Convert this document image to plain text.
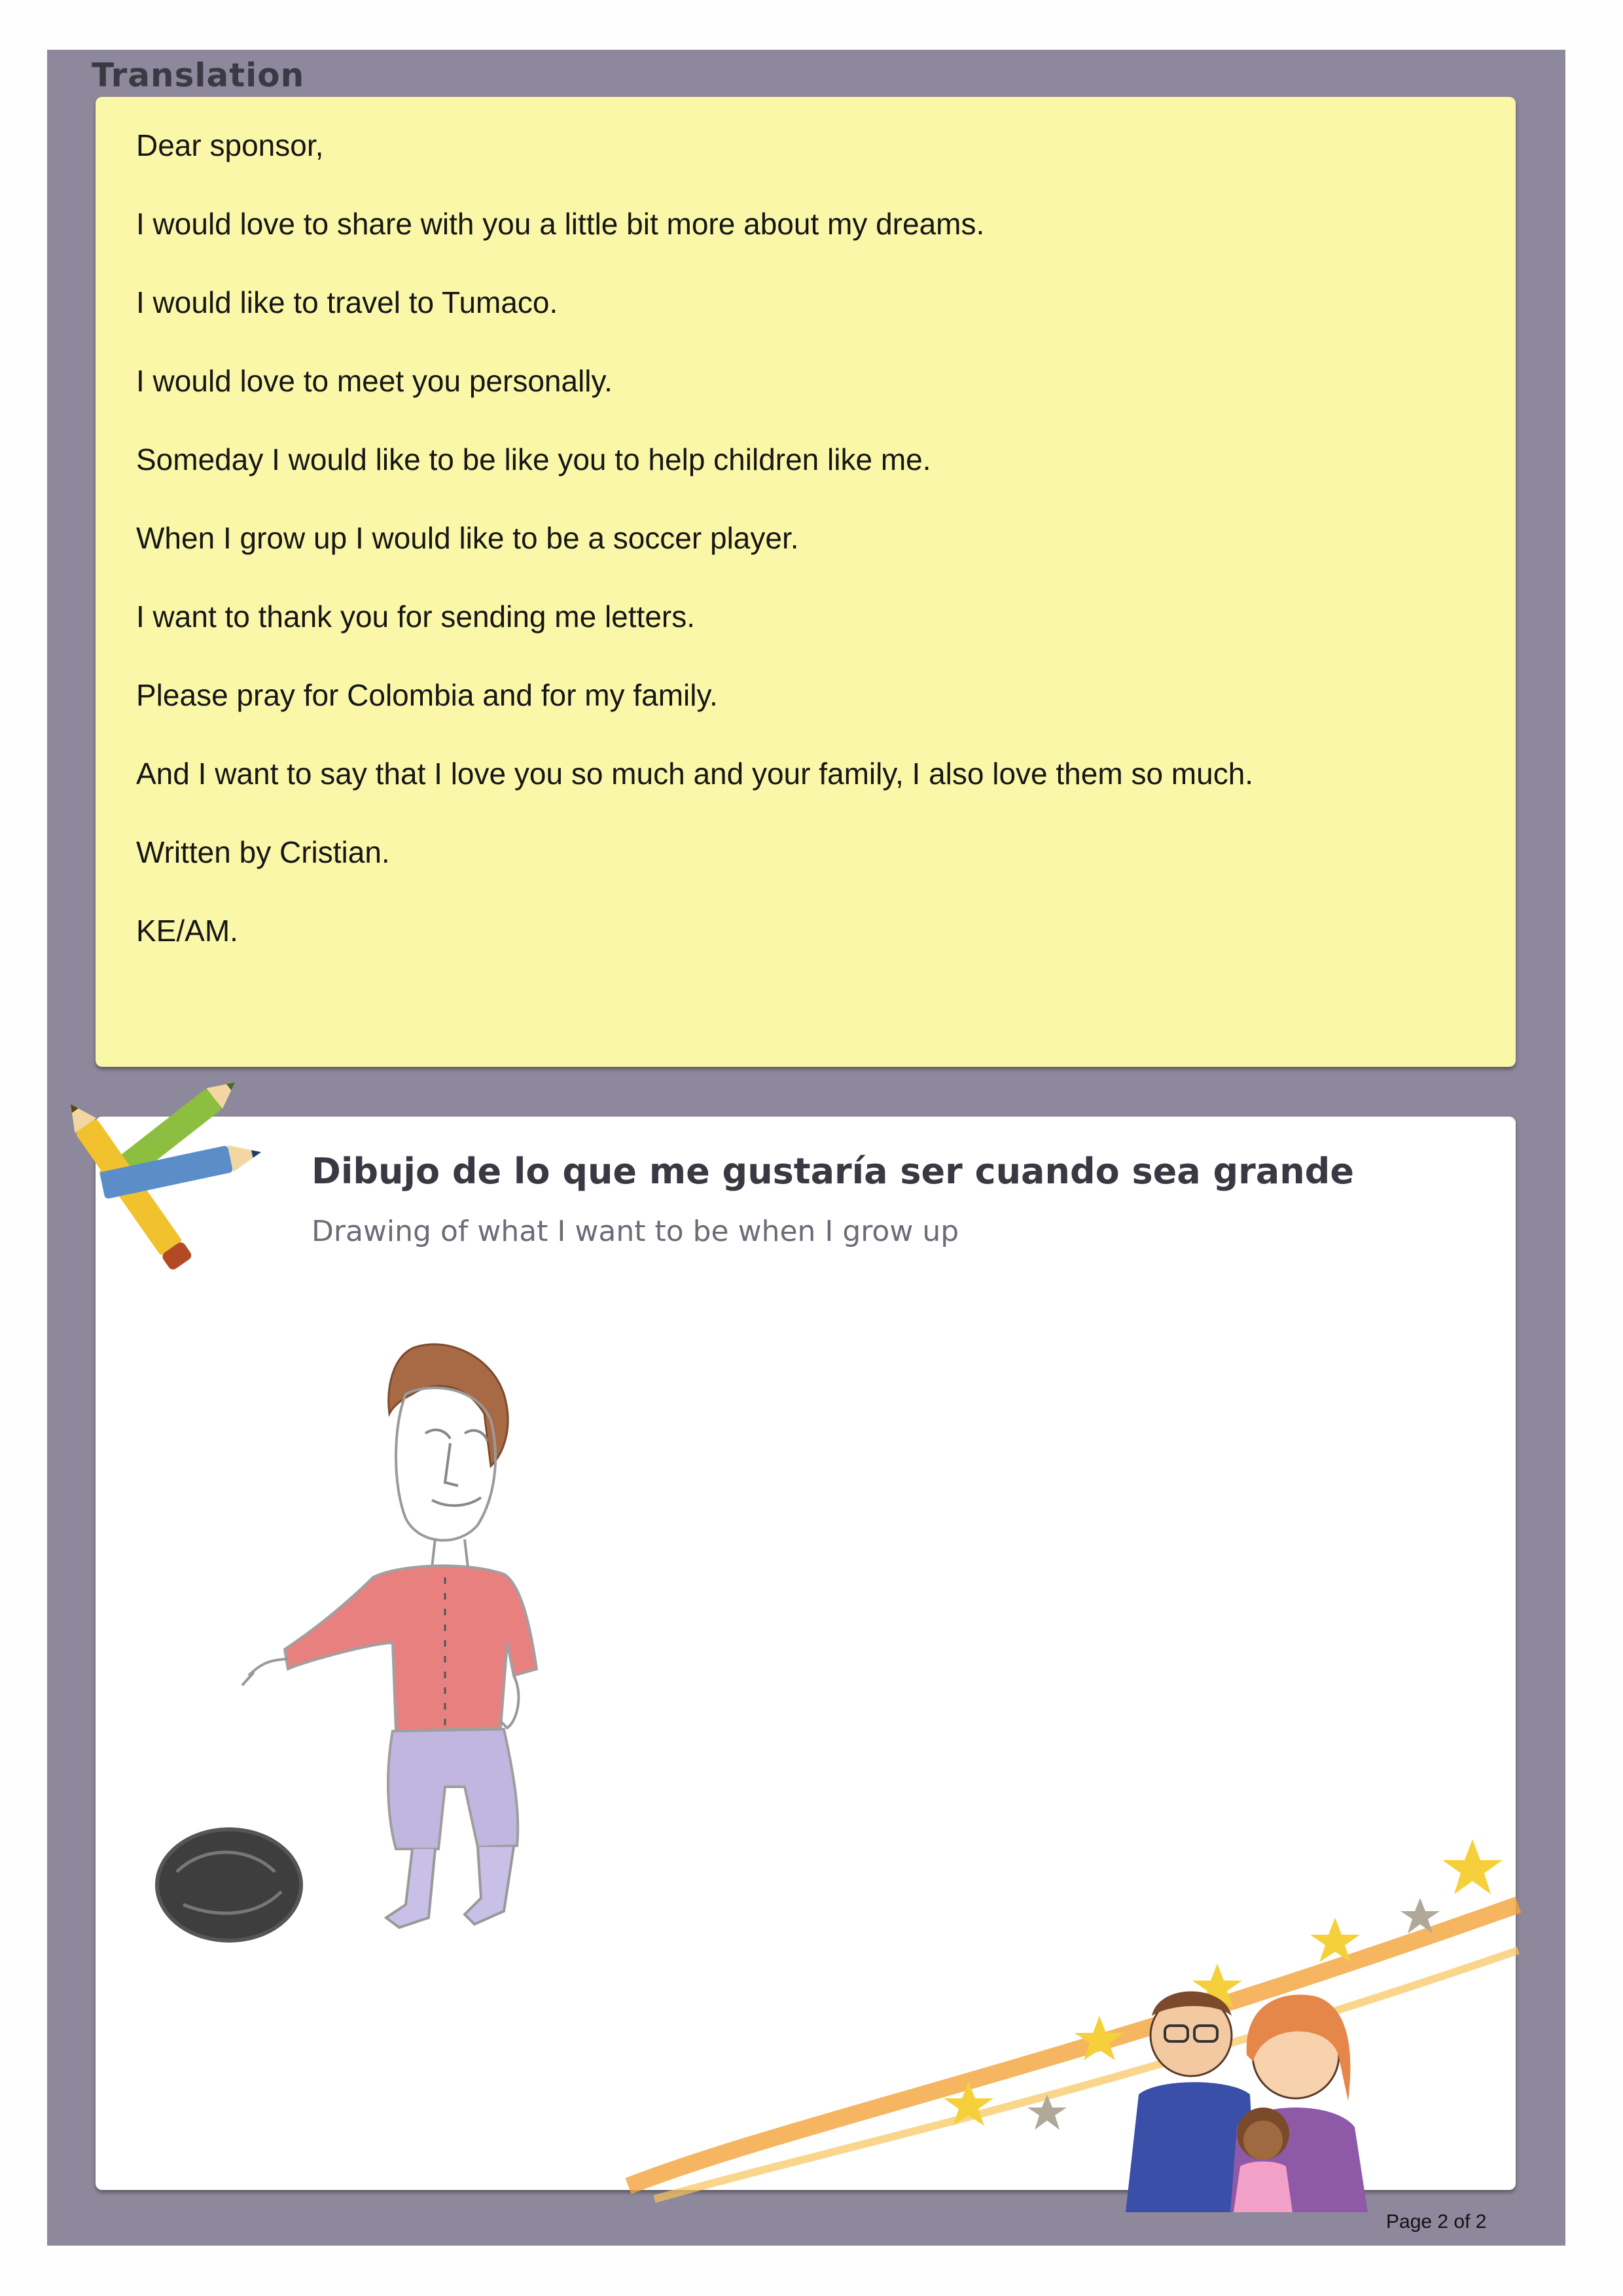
Translation
Dear sponsor,
I would love to share with you a little bit more about my dreams.
I would like to travel to Tumaco.
I would love to meet you personally.
Someday I would like to be like you to help children like me.
When I grow up I would like to be a soccer player.
I want to thank you for sending me letters.
Please pray for Colombia and for my family.
And I want to say that I love you so much and your family, I also love them so much.
Written by Cristian.
KE/AM.
Dibujo de lo que me gustaría ser cuando sea grande
Drawing of what I want to be when I grow up
Page 2 of 2
